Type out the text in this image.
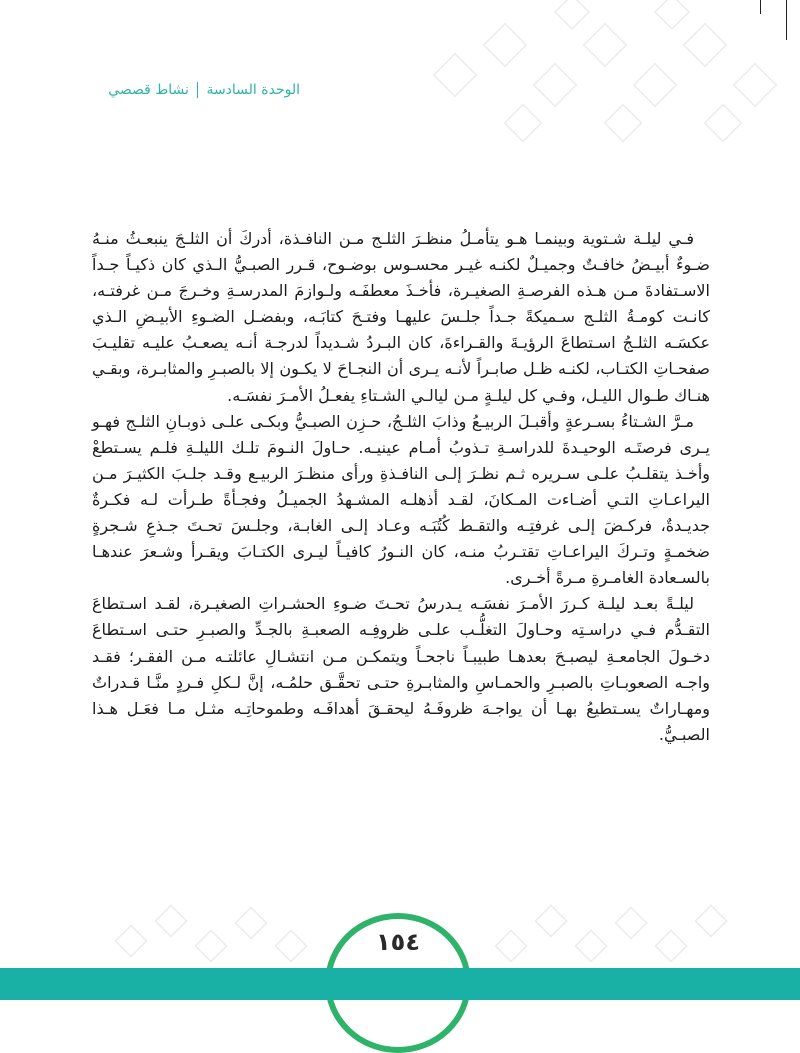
الوحدة السادسة
نشاط قصصي

فـي ليلـة شـتوية وبينمـا هـو يتأمـلُ منظـرَ الثلـج مـن النافـذة، أدركَ أن الثلـجَ ينبعـثُ منـهُ ضـوءٌ أبيـضُ خافـتٌ وجميـلٌ لكنـه غيـر محسـوس بوضـوح، قـرر الصبـيُّ الـذي كان ذكيـاً جـداً الاسـتفادةَ مـن هـذه الفرصـةِ الصغيـرة، فأخـذَ معطفَـه ولـوازمَ المدرسـةِ وخـرجَ مـن غرفتـه، كانـت كومـةُ الثلـج سـميكةً جـداً جلـسَ عليهـا وفتـحَ كتابَـه، وبفضـل الضـوءِ الأبيـضِ الـذي عكسَـه الثلـجُ اسـتطاعَ الرؤيـةَ والقـراءةَ، كان البـردُ شـديداً لدرجـة أنـه يصعـبُ عليـه تقليـبَ صفحـاتِ الكتـاب، لكنـه ظـل صابـراً لأنـه يـرى أن النجـاحَ لا يكـون إلا بالصبـرِ والمثابـرة، وبقـي هنـاك طـوال الليـل، وفـي كل ليلـةٍ مـن ليالـي الشـتاءِ يفعـلُ الأمـرَ نفسَـه.

مـرَّ الشـتاءُ بسـرعةٍ وأقبـلَ الربيـعُ وذابَ الثلـجُ، حـزِن الصبـيُّ وبكـى علـى ذوبـانِ الثلـج فهـو يـرى فرصتَـه الوحيـدةَ للدراسـةِ تـذوبُ أمـام عينيـه. حـاولَ النـومَ تلـك الليلـةِ فلـم يسـتطعْ وأخـذ يتقلـبُ علـى سـريره ثـم نظـرَ إلـى النافـذةِ ورأى منظـرَ الربيـع وقـد جلـبَ الكثيـرَ مـن اليراعـاتِ التـي أضـاءت المـكانَ، لقـد أذهلـه المشـهدُ الجميـلُ وفجـأةً طـرأت لـه فكـرةٌ جديـدةٌ، فركـضَ إلـى غرفتِـه والتقـط كُتُبَـه وعـاد إلـى الغابـة، وجلـسَ تحـتَ جـذعِ شـجرةٍ ضخمـةٍ وتـركَ اليراعـاتِ تقتـربُ منـه، كان النـورُ كافيـاً ليـرى الكتـابَ ويقـرأ وشـعرَ عندهـا بالسـعادة الغامـرةِ مـرةً أخـرى.

ليلـةً بعـد ليلـة كـررَ الأمـرَ نفسَـه يـدرسُ تحـتَ ضـوءِ الحشـراتِ الصغيـرة، لقـد اسـتطاعَ التقـدُّم فـي دراسـتِه وحـاولَ التغلُّـب علـى ظروفِـه الصعبـةِ بالجـدِّ والصبـرِ حتـى اسـتطاعَ دخـولَ الجامعـةِ ليصبـحَ بعدهـا طبيبـاً ناجحـاً ويتمكـن مـن انتشـالِ عائلتـه مـن الفقـر؛ فقـد واجـه الصعوبـاتِ بالصبـرِ والحمـاسِ والمثابـرةِ حتـى تحقَّـق حلمُـه، إنَّ لـكلِ فـردٍ منَّـا قـدراتٌ ومهـاراتٌ يسـتطيعُ بهـا أن يواجـهَ ظروفَـهُ ليحقـقَ أهدافَـه وطموحاتِـه مثـل مـا فعَـل هـذا الصبـيُّ.

١٥٤
